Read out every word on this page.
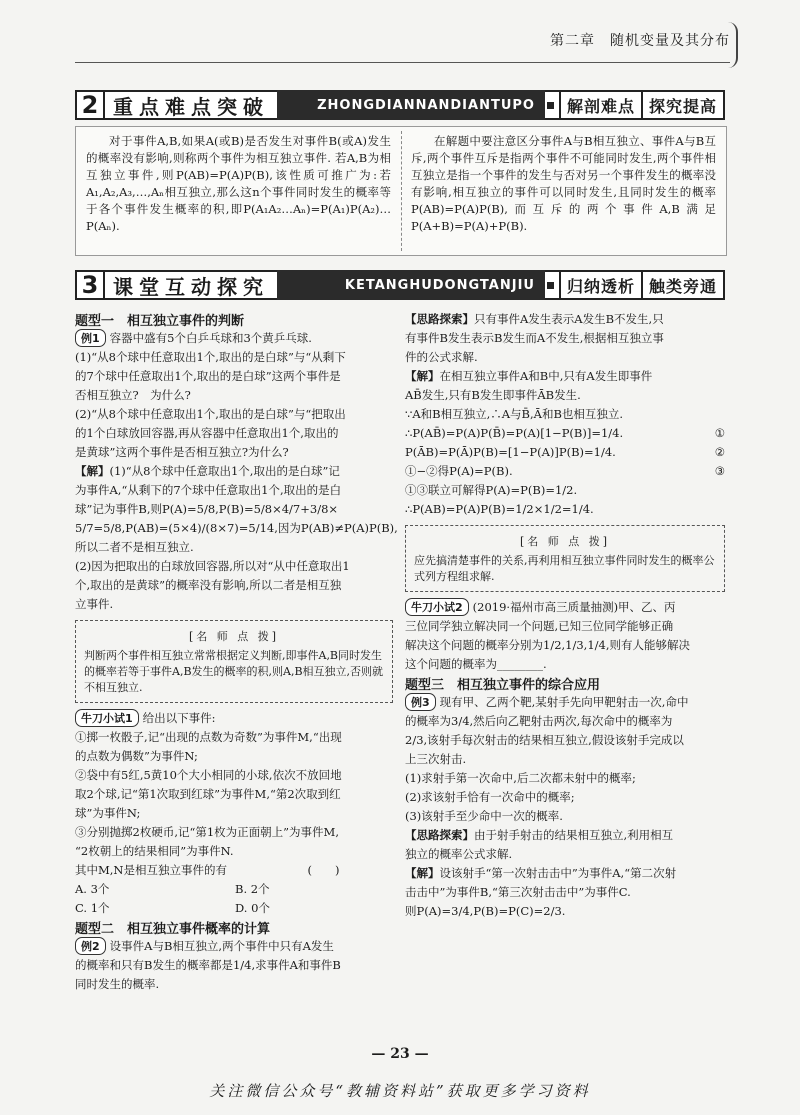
第二章　随机变量及其分布
2 重点难点突破	ZHONGDIANNANDIANTUPO	解剖难点 探究提高
对于事件A,B,如果A(或B)是否发生对事件B(或A)发生的概率没有影响,则称两个事件为相互独立事件. 若A,B为相互独立事件,则P(AB)=P(A)P(B),该性质可推广为:若A₁,A₂,A₃,…,Aₙ相互独立,那么这n个事件同时发生的概率等于各个事件发生概率的积,即P(A₁A₂…Aₙ)=P(A₁)P(A₂)…P(Aₙ).
在解题中要注意区分事件A与B相互独立、事件A与B互斥,两个事件互斥是指两个事件不可能同时发生,两个事件相互独立是指一个事件的发生与否对另一个事件发生的概率没有影响,相互独立的事件可以同时发生,且同时发生的概率P(AB)=P(A)P(B),而互斥的两个事件A,B满足P(A+B)=P(A)+P(B).
3 课堂互动探究	KETANGHUDONGTANJIU	归纳透析 触类旁通
题型一　相互独立事件的判断
例1 容器中盛有5个白乒乓球和3个黄乒乓球.
(1)“从8个球中任意取出1个,取出的是白球”与“从剩下
的7个球中任意取出1个,取出的是白球”这两个事件是
否相互独立?　为什么?
(2)“从8个球中任意取出1个,取出的是白球”与“把取出
的1个白球放回容器,再从容器中任意取出1个,取出的
是黄球”这两个事件是否相互独立?为什么?
【解】(1)“从8个球中任意取出1个,取出的是白球”记
为事件A,“从剩下的7个球中任意取出1个,取出的是白
球”记为事件B,则P(A)=5/8,P(B)=5/8×4/7+3/8×
5/7=5/8,P(AB)=(5×4)/(8×7)=5/14,因为P(AB)≠P(A)P(B),
所以二者不是相互独立.
(2)因为把取出的白球放回容器,所以对“从中任意取出1
个,取出的是黄球”的概率没有影响,所以二者是相互独
立事件.
[名 师 点 拨]
判断两个事件相互独立常常根据定义判断,即事件A,B同时发生的概率若等于事件A,B发生的概率的积,则A,B相互独立,否则就不相互独立.
牛刀小试1 给出以下事件:
①掷一枚骰子,记“出现的点数为奇数”为事件M,“出现
的点数为偶数”为事件N;
②袋中有5红,5黄10个大小相同的小球,依次不放回地
取2个球,记“第1次取到红球”为事件M,“第2次取到红
球”为事件N;
③分别抛掷2枚硬币,记“第1枚为正面朝上”为事件M,
“2枚朝上的结果相同”为事件N.
其中M,N是相互独立事件的有　　　　　　　(　　)
A. 3个	B. 2个
C. 1个	D. 0个
题型二　相互独立事件概率的计算
例2 设事件A与B相互独立,两个事件中只有A发生
的概率和只有B发生的概率都是1/4,求事件A和事件B
同时发生的概率.
【思路探索】只有事件A发生表示A发生B不发生,只
有事件B发生表示B发生而A不发生,根据相互独立事
件的公式求解.
【解】在相互独立事件A和B中,只有A发生即事件
AB̄发生,只有B发生即事件ĀB发生.
∵A和B相互独立,∴A与B̄,Ā和B也相互独立.
∴P(AB̄)=P(A)P(B̄)=P(A)[1−P(B)]=1/4.	①
P(ĀB)=P(Ā)P(B)=[1−P(A)]P(B)=1/4.	②
①−②得P(A)=P(B).	③
①③联立可解得P(A)=P(B)=1/2.
∴P(AB)=P(A)P(B)=1/2×1/2=1/4.
[名 师 点 拨]
应先搞清楚事件的关系,再利用相互独立事件同时发生的概率公式列方程组求解.
牛刀小试2 (2019·福州市高三质量抽测)甲、乙、丙
三位同学独立解决同一个问题,已知三位同学能够正确
解决这个问题的概率分别为1/2,1/3,1/4,则有人能够解决
这个问题的概率为________.
题型三　相互独立事件的综合应用
例3 现有甲、乙两个靶,某射手先向甲靶射击一次,命中
的概率为3/4,然后向乙靶射击两次,每次命中的概率为
2/3,该射手每次射击的结果相互独立,假设该射手完成以
上三次射击.
(1)求射手第一次命中,后二次都未射中的概率;
(2)求该射手恰有一次命中的概率;
(3)该射手至少命中一次的概率.
【思路探索】由于射手射击的结果相互独立,利用相互
独立的概率公式求解.
【解】设该射手“第一次射击击中”为事件A,“第二次射
击击中”为事件B,“第三次射击击中”为事件C.
则P(A)=3/4,P(B)=P(C)=2/3.
— 23 —
关注微信公众号“教辅资料站”获取更多学习资料
